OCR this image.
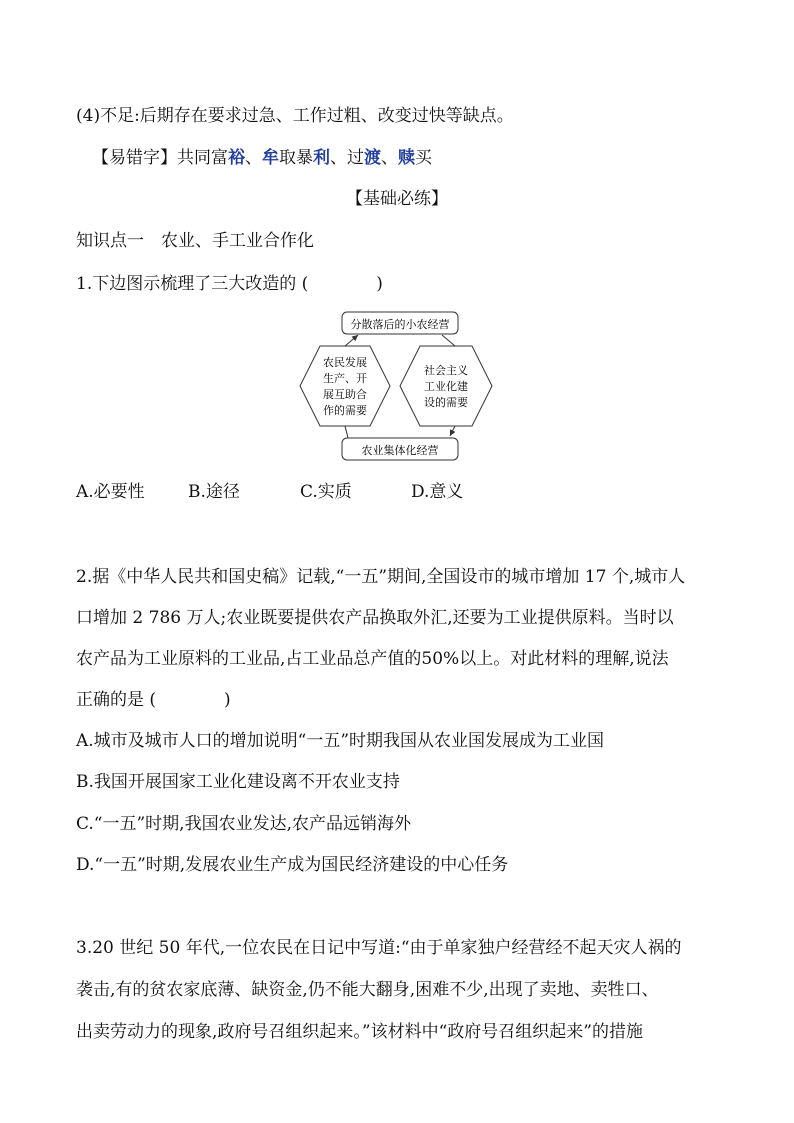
(4)不足:后期存在要求过急、工作过粗、改变过快等缺点。
【易错字】共同富裕、牟取暴利、过渡、赎买
【基础必练】
知识点一　农业、手工业合作化
1.下边图示梳理了三大改造的 (　　　　)
分散落后的小农经营
农业集体化经营
农民发展
生产、开
展互助合
作的需要
社会主义
工业化建
设的需要
A.必要性	B.途径	C.实质	D.意义
2.据《中华人民共和国史稿》记载,“一五”期间,全国设市的城市增加 17 个,城市人
口增加 2 786 万人;农业既要提供农产品换取外汇,还要为工业提供原料。当时以
农产品为工业原料的工业品,占工业品总产值的50%以上。对此材料的理解,说法
正确的是 (　　　　)
A.城市及城市人口的增加说明“一五”时期我国从农业国发展成为工业国
B.我国开展国家工业化建设离不开农业支持
C.“一五”时期,我国农业发达,农产品远销海外
D.“一五”时期,发展农业生产成为国民经济建设的中心任务
3.20 世纪 50 年代,一位农民在日记中写道:“由于单家独户经营经不起天灾人祸的
袭击,有的贫农家底薄、缺资金,仍不能大翻身,困难不少,出现了卖地、卖牲口、
出卖劳动力的现象,政府号召组织起来。”该材料中“政府号召组织起来”的措施
